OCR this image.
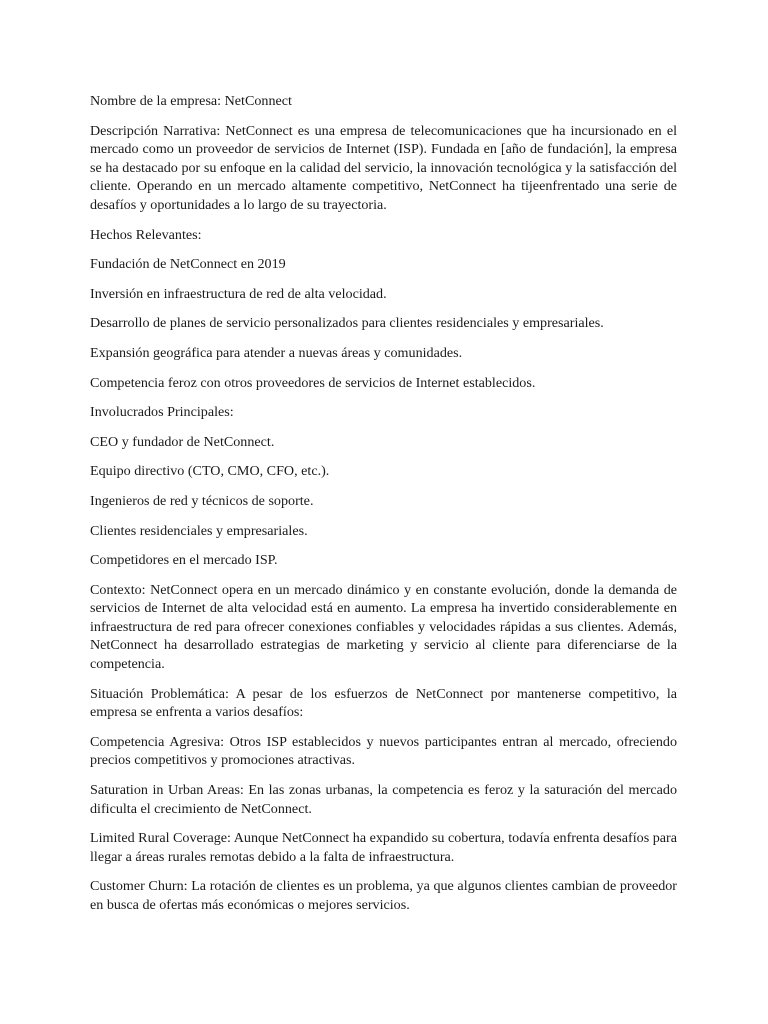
Nombre de la empresa: NetConnect

Descripción Narrativa: NetConnect es una empresa de telecomunicaciones que ha incursionado en el mercado como un proveedor de servicios de Internet (ISP). Fundada en [año de fundación], la empresa se ha destacado por su enfoque en la calidad del servicio, la innovación tecnológica y la satisfacción del cliente. Operando en un mercado altamente competitivo, NetConnect ha tijeenfrentado una serie de desafíos y oportunidades a lo largo de su trayectoria.

Hechos Relevantes:

Fundación de NetConnect en 2019

Inversión en infraestructura de red de alta velocidad.

Desarrollo de planes de servicio personalizados para clientes residenciales y empresariales.

Expansión geográfica para atender a nuevas áreas y comunidades.

Competencia feroz con otros proveedores de servicios de Internet establecidos.

Involucrados Principales:

CEO y fundador de NetConnect.

Equipo directivo (CTO, CMO, CFO, etc.).

Ingenieros de red y técnicos de soporte.

Clientes residenciales y empresariales.

Competidores en el mercado ISP.

Contexto: NetConnect opera en un mercado dinámico y en constante evolución, donde la demanda de servicios de Internet de alta velocidad está en aumento. La empresa ha invertido considerablemente en infraestructura de red para ofrecer conexiones confiables y velocidades rápidas a sus clientes. Además, NetConnect ha desarrollado estrategias de marketing y servicio al cliente para diferenciarse de la competencia.

Situación Problemática: A pesar de los esfuerzos de NetConnect por mantenerse competitivo, la empresa se enfrenta a varios desafíos:

Competencia Agresiva: Otros ISP establecidos y nuevos participantes entran al mercado, ofreciendo precios competitivos y promociones atractivas.

Saturation in Urban Areas: En las zonas urbanas, la competencia es feroz y la saturación del mercado dificulta el crecimiento de NetConnect.

Limited Rural Coverage: Aunque NetConnect ha expandido su cobertura, todavía enfrenta desafíos para llegar a áreas rurales remotas debido a la falta de infraestructura.

Customer Churn: La rotación de clientes es un problema, ya que algunos clientes cambian de proveedor en busca de ofertas más económicas o mejores servicios.
